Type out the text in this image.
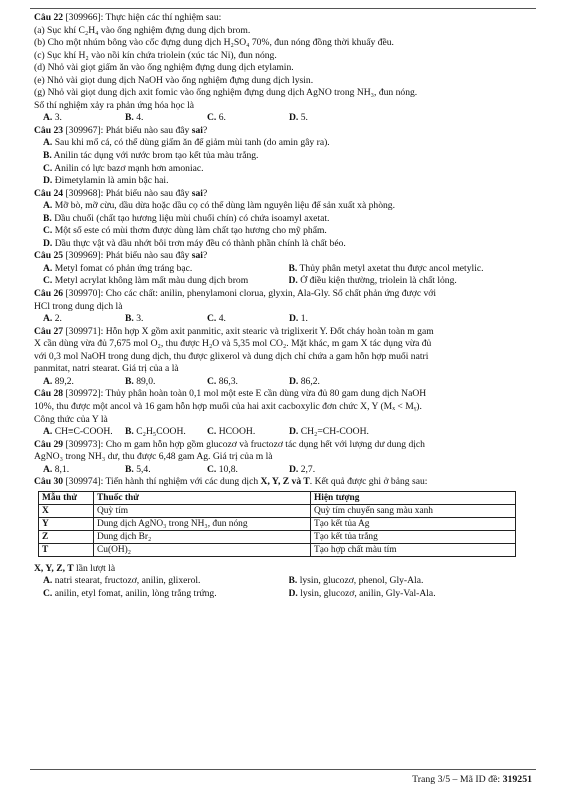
Câu 22 [309966]: Thực hiện các thí nghiệm sau:
(a) Sục khí C₂H₄ vào ống nghiệm đựng dung dịch brom.
(b) Cho một nhúm bông vào cốc đựng dung dịch H₂SO₄ 70%, đun nóng đồng thời khuấy đều.
(c) Sục khí H₂ vào nồi kín chứa triolein (xúc tác Ni), đun nóng.
(d) Nhỏ vài giọt giấm ăn vào ống nghiệm đựng dung dịch etylamin.
(e) Nhỏ vài giọt dung dịch NaOH vào ống nghiệm đựng dung dịch lysin.
(g) Nhỏ vài giọt dung dịch axit fomic vào ống nghiệm đựng dung dịch AgNO trong NH₃, đun nóng.
Số thí nghiệm xảy ra phản ứng hóa học là
A. 3.	B. 4.	C. 6.	D. 5.
Câu 23 [309967]: Phát biểu nào sau đây sai?
A. Sau khi mổ cá, có thể dùng giấm ăn để giảm mùi tanh (do amin gây ra).
B. Anilin tác dụng với nước brom tạo kết tủa màu trắng.
C. Anilin có lực bazơ mạnh hơn amoniac.
D. Đimetylamin là amin bậc hai.
Câu 24 [309968]: Phát biểu nào sau đây sai?
A. Mỡ bò, mỡ cừu, dầu dừa hoặc dầu cọ có thể dùng làm nguyên liệu để sản xuất xà phòng.
B. Dầu chuối (chất tạo hương liệu mùi chuối chín) có chứa isoamyl axetat.
C. Một số este có mùi thơm được dùng làm chất tạo hương cho mỹ phẩm.
D. Dầu thực vật và dầu nhớt bôi trơn máy đều có thành phần chính là chất béo.
Câu 25 [309969]: Phát biểu nào sau đây sai?
A. Metyl fomat có phản ứng tráng bạc.	B. Thủy phân metyl axetat thu được ancol metylic.
C. Metyl acrylat không làm mất màu dung dịch brom	D. Ở điều kiện thường, triolein là chất lỏng.
Câu 26 [309970]: Cho các chất: anilin, phenylamoni clorua, glyxin, Ala-Gly. Số chất phản ứng được với
HCl trong dung dịch là
A. 2.	B. 3.	C. 4.	D. 1.
Câu 27 [309971]: Hỗn hợp X gồm axit panmitic, axit stearic và triglixerit Y. Đốt cháy hoàn toàn m gam
X cần dùng vừa đủ 7,675 mol O₂, thu được H₂O và 5,35 mol CO₂. Mặt khác, m gam X tác dụng vừa đủ
với 0,3 mol NaOH trong dung dịch, thu được glixerol và dung dịch chỉ chứa a gam hỗn hợp muối natri
panmitat, natri stearat. Giá trị của a là
A. 89,2.	B. 89,0.	C. 86,3.	D. 86,2.
Câu 28 [309972]: Thủy phân hoàn toàn 0,1 mol một este E cần dùng vừa đủ 80 gam dung dịch NaOH
10%, thu được một ancol và 16 gam hỗn hợp muối của hai axit cacboxylic đơn chức X, Y (Mₓ < Mᵧ).
Công thức của Y là
A. CH≡C-COOH.	B. C₂H₅COOH.	C. HCOOH.	D. CH₂=CH-COOH.
Câu 29 [309973]: Cho m gam hỗn hợp gồm glucozơ và fructozơ tác dụng hết với lượng dư dung dịch
AgNO₃ trong NH₃ dư, thu được 6,48 gam Ag. Giá trị của m là
A. 8,1.	B. 5,4.	C. 10,8.	D. 2,7.
Câu 30 [309974]: Tiến hành thí nghiệm với các dung dịch X, Y, Z và T. Kết quả được ghi ở bảng sau:
Mẫu thử	Thuốc thử	Hiện tượng
X	Quỳ tím	Quỳ tím chuyển sang màu xanh
Y	Dung dịch AgNO₃ trong NH₃, đun nóng	Tạo kết tủa Ag
Z	Dung dịch Br₂	Tạo kết tủa trắng
T	Cu(OH)₂	Tạo hợp chất màu tím
X, Y, Z, T lần lượt là
A. natri stearat, fructozơ, anilin, glixerol.	B. lysin, glucozơ, phenol, Gly-Ala.
C. anilin, etyl fomat, anilin, lòng trắng trứng.	D. lysin, glucozơ, anilin, Gly-Val-Ala.
Trang 3/5 – Mã ID đề: 319251
